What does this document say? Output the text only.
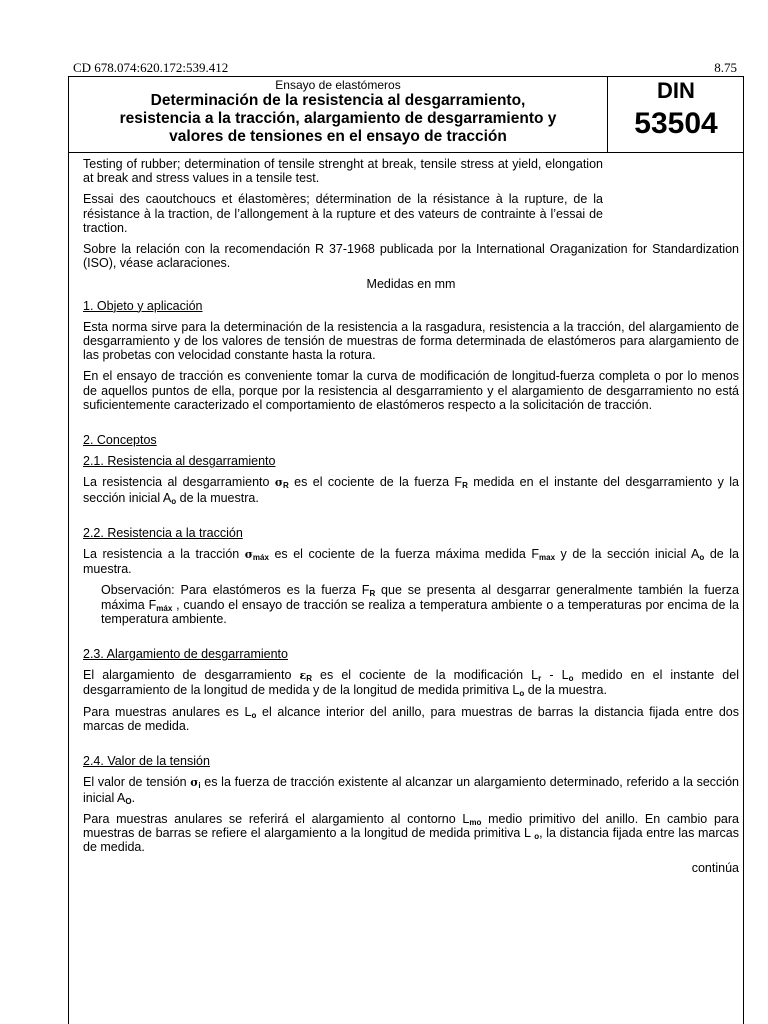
CD 678.074:620.172:539.412	8.75
Ensayo de elastómeros
Determinación de la resistencia al desgarramiento,
resistencia a la tracción, alargamiento de desgarramiento y
valores de tensiones en el ensayo de tracción
DIN
53504

Testing of rubber; determination of tensile strenght at break, tensile stress at yield, elongation at break and stress values in a tensile test.

Essai des caoutchoucs et élastomères; détermination de la résistance à la rupture, de la résistance à la traction, de l’allongement à la rupture et des vateurs de contrainte à l’essai de traction.

Sobre la relación con la recomendación R 37-1968 publicada por la International Oraganization for Standardization (ISO), véase aclaraciones.

Medidas en mm

1. Objeto y aplicación

Esta norma sirve para la determinación de la resistencia a la rasgadura, resistencia a la tracción, del alargamiento de desgarramiento y de los valores de tensión de muestras de forma determinada de elastómeros para alargamiento de las probetas con velocidad constante hasta la rotura.

En el ensayo de tracción es conveniente tomar la curva de modificación de longitud-fuerza completa o por lo menos de aquellos puntos de ella, porque por la resistencia al desgarramiento y el alargamiento de desgarramiento no está suficientemente caracterizado el comportamiento de elastómeros respecto a la solicitación de tracción.

2. Conceptos

2.1. Resistencia al desgarramiento

La resistencia al desgarramiento $\sigma_R$ es el cociente de la fuerza $F_R$ medida en el instante del desgarramiento y la sección inicial $A_o$ de la muestra.

2.2. Resistencia a la tracción

La resistencia a la tracción $\sigma_{máx}$ es el cociente de la fuerza máxima medida $F_{max}$ y de la sección inicial $A_o$ de la muestra.

Observación: Para elastómeros es la fuerza $F_R$ que se presenta al desgarrar generalmente también la fuerza máxima $F_{máx}$ , cuando el ensayo de tracción se realiza a temperatura ambiente o a temperaturas por encima de la temperatura ambiente.

2.3. Alargamiento de desgarramiento

El alargamiento de desgarramiento $\varepsilon_R$ es el cociente de la modificación $L_r - L_o$ medido en el instante del desgarramiento de la longitud de medida y de la longitud de medida primitiva $L_o$ de la muestra.

Para muestras anulares es $L_o$ el alcance interior del anillo, para muestras de barras la distancia fijada entre dos marcas de medida.

2.4. Valor de la tensión

El valor de tensión $\sigma_i$ es la fuerza de tracción existente al alcanzar un alargamiento determinado, referido a la sección inicial $A_O$.

Para muestras anulares se referirá el alargamiento al contorno $L_{mo}$ medio primitivo del anillo. En cambio para muestras de barras se refiere el alargamiento a la longitud de medida primitiva L $_o$, la distancia fijada entre las marcas de medida.

continúa
